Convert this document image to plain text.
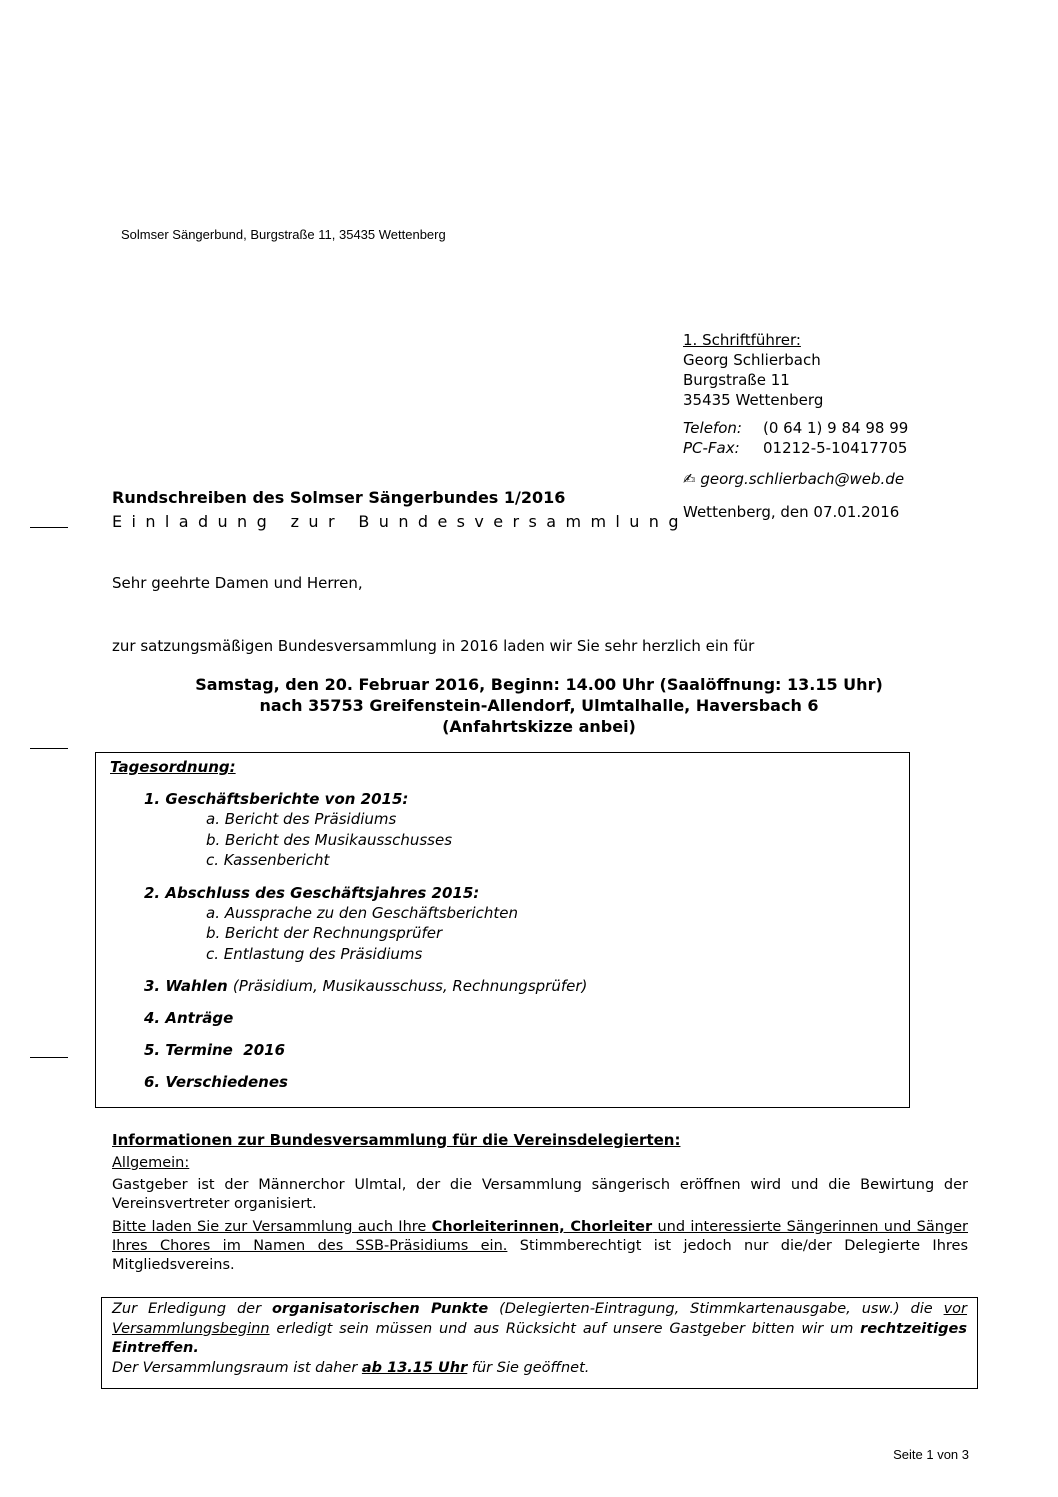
Solmser Sängerbund, Burgstraße 11, 35435 Wettenberg
1. Schriftführer:
Georg Schlierbach
Burgstraße 11
35435 Wettenberg
Telefon: (0 64 1) 9 84 98 99
PC-Fax: 01212-5-10417705
✍ georg.schlierbach@web.de
Wettenberg, den 07.01.2016
Rundschreiben des Solmser Sängerbundes 1/2016
Einladung zur Bundesversammlung
Sehr geehrte Damen und Herren,
zur satzungsmäßigen Bundesversammlung in 2016 laden wir Sie sehr herzlich ein für
Samstag, den 20. Februar 2016, Beginn: 14.00 Uhr (Saalöffnung: 13.15 Uhr)
nach 35753 Greifenstein-Allendorf, Ulmtalhalle, Haversbach 6
(Anfahrtskizze anbei)
Tagesordnung:
1. Geschäftsberichte von 2015:
a. Bericht des Präsidiums
b. Bericht des Musikausschusses
c. Kassenbericht
2. Abschluss des Geschäftsjahres 2015:
a. Aussprache zu den Geschäftsberichten
b. Bericht der Rechnungsprüfer
c. Entlastung des Präsidiums
3. Wahlen (Präsidium, Musikausschuss, Rechnungsprüfer)
4. Anträge
5. Termine  2016
6. Verschiedenes
Informationen zur Bundesversammlung für die Vereinsdelegierten:
Allgemein:

Gastgeber ist der Männerchor Ulmtal, der die Versammlung sängerisch eröffnen wird und die Bewirtung der Vereinsvertreter organisiert.

Bitte laden Sie zur Versammlung auch Ihre Chorleiterinnen, Chorleiter und interessierte Sängerinnen und Sänger Ihres Chores im Namen des SSB-Präsidiums ein. Stimmberechtigt ist jedoch nur die/der Delegierte Ihres Mitgliedsvereins.

Zur Erledigung der organisatorischen Punkte (Delegierten-Eintragung, Stimmkartenausgabe, usw.) die vor Versammlungsbeginn erledigt sein müssen und aus Rücksicht auf unsere Gastgeber bitten wir um rechtzeitiges Eintreffen.
Der Versammlungsraum ist daher ab 13.15 Uhr für Sie geöffnet.
Seite 1 von 3
